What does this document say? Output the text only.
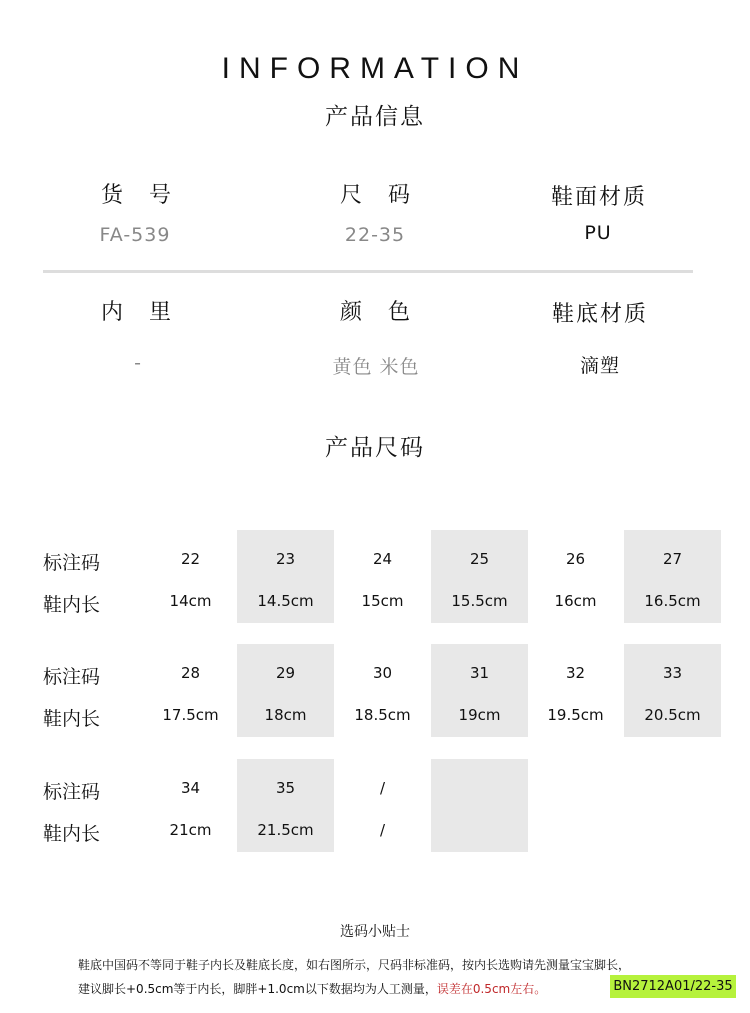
INFORMATION
产品信息
货　号
FA-539
尺　码
22-35
鞋面材质
PU
内　里
-
颜　色
黄色 米色
鞋底材质
滴塑
产品尺码
标注码
鞋内长
22
14cm
23
14.5cm
24
15cm
25
15.5cm
26
16cm
27
16.5cm
标注码
鞋内长
28
17.5cm
29
18cm
30
18.5cm
31
19cm
32
19.5cm
33
20.5cm
标注码
鞋内长
34
21cm
35
21.5cm
/
/
选码小贴士
鞋底中国码不等同于鞋子内长及鞋底长度，如右图所示，尺码非标准码，按内长选购请先测量宝宝脚长，
建议脚长+0.5cm等于内长，脚胖+1.0cm以下数据均为人工测量，误差在0.5cm左右。	BN2712A01/22-35
